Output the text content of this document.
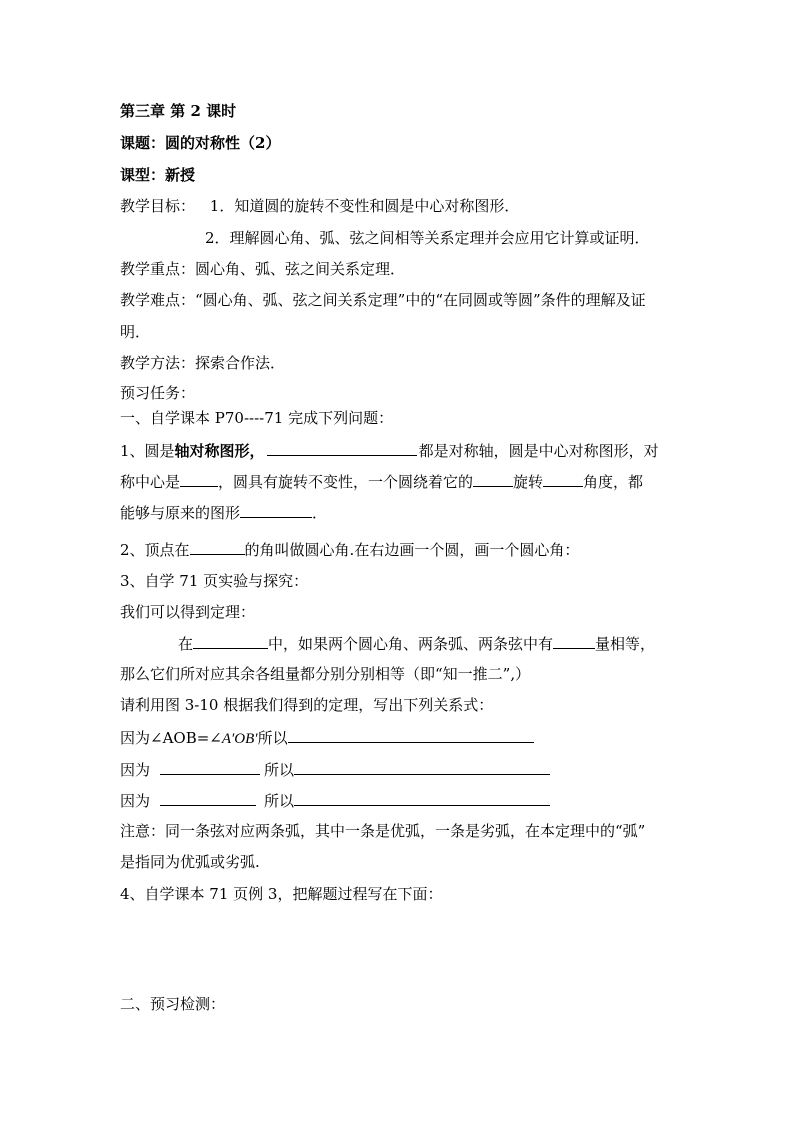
第三章 第 2 课时
课题：圆的对称性（2）
课型：新授
教学目标： 1．知道圆的旋转不变性和圆是中心对称图形．
2．理解圆心角、弧、弦之间相等关系定理并会应用它计算或证明．
教学重点：圆心角、弧、弦之间关系定理．
教学难点：“圆心角、弧、弦之间关系定理”中的“在同圆或等圆”条件的理解及证
明．
教学方法：探索合作法．
预习任务：
一、自学课本 P70----71 完成下列问题：
1、圆是轴对称图形，	都是对称轴，圆是中心对称图形，对
称中心是	，圆具有旋转不变性，一个圆绕着它的	旋转	角度，都
能够与原来的图形	．
2、顶点在	的角叫做圆心角.在右边画一个圆，画一个圆心角：
3、自学 71 页实验与探究：
我们可以得到定理：
在	中，如果两个圆心角、两条弧、两条弦中有	量相等，
那么它们所对应其余各组量都分别分别相等（即“知一推二”,）
请利用图 3-10 根据我们得到的定理，写出下列关系式：
因为∠AOB=∠A′OB′所以
因为	所以
因为	所以
注意：同一条弦对应两条弧，其中一条是优弧，一条是劣弧，在本定理中的“弧”
是指同为优弧或劣弧.
4、自学课本 71 页例 3，把解题过程写在下面：
二、预习检测：
